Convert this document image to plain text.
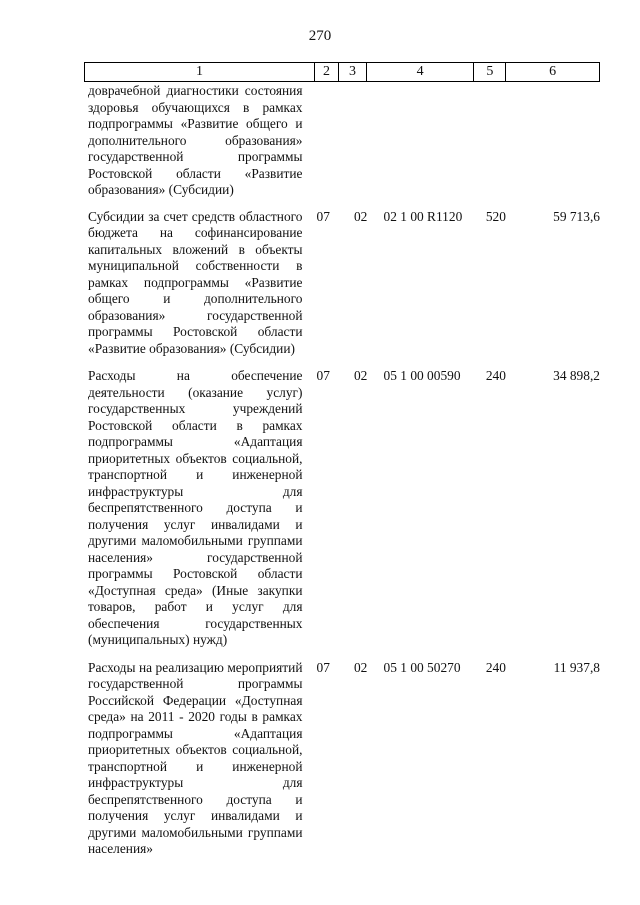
270
1	2	3	4	5	6
доврачебной диагностики состояния здоровья обучающихся в рамках подпрограммы «Развитие общего и дополнительного образования» государственной программы Ростовской области «Развитие образования» (Субсидии)
Субсидии за счет средств областного бюджета на софинансирование капитальных вложений в объекты муниципальной собственности в рамках подпрограммы «Развитие общего и дополнительного образования» государственной программы Ростовской области «Развитие образования» (Субсидии)
07	02	02 1 00 R1120	520	59 713,6
Расходы на обеспечение деятельности (оказание услуг) государственных учреждений Ростовской области в рамках подпрограммы «Адаптация приоритетных объектов социальной, транспортной и инженерной инфраструктуры для беспрепятственного доступа и получения услуг инвалидами и другими маломобильными группами населения» государственной программы Ростовской области «Доступная среда» (Иные закупки товаров, работ и услуг для обеспечения государственных (муниципальных) нужд)
07	02	05 1 00 00590	240	34 898,2
Расходы на реализацию мероприятий государственной программы Российской Федерации «Доступная среда» на 2011 - 2020 годы в рамках подпрограммы «Адаптация приоритетных объектов социальной, транспортной и инженерной инфраструктуры для беспрепятственного доступа и получения услуг инвалидами и другими маломобильными группами населения»
07	02	05 1 00 50270	240	11 937,8
